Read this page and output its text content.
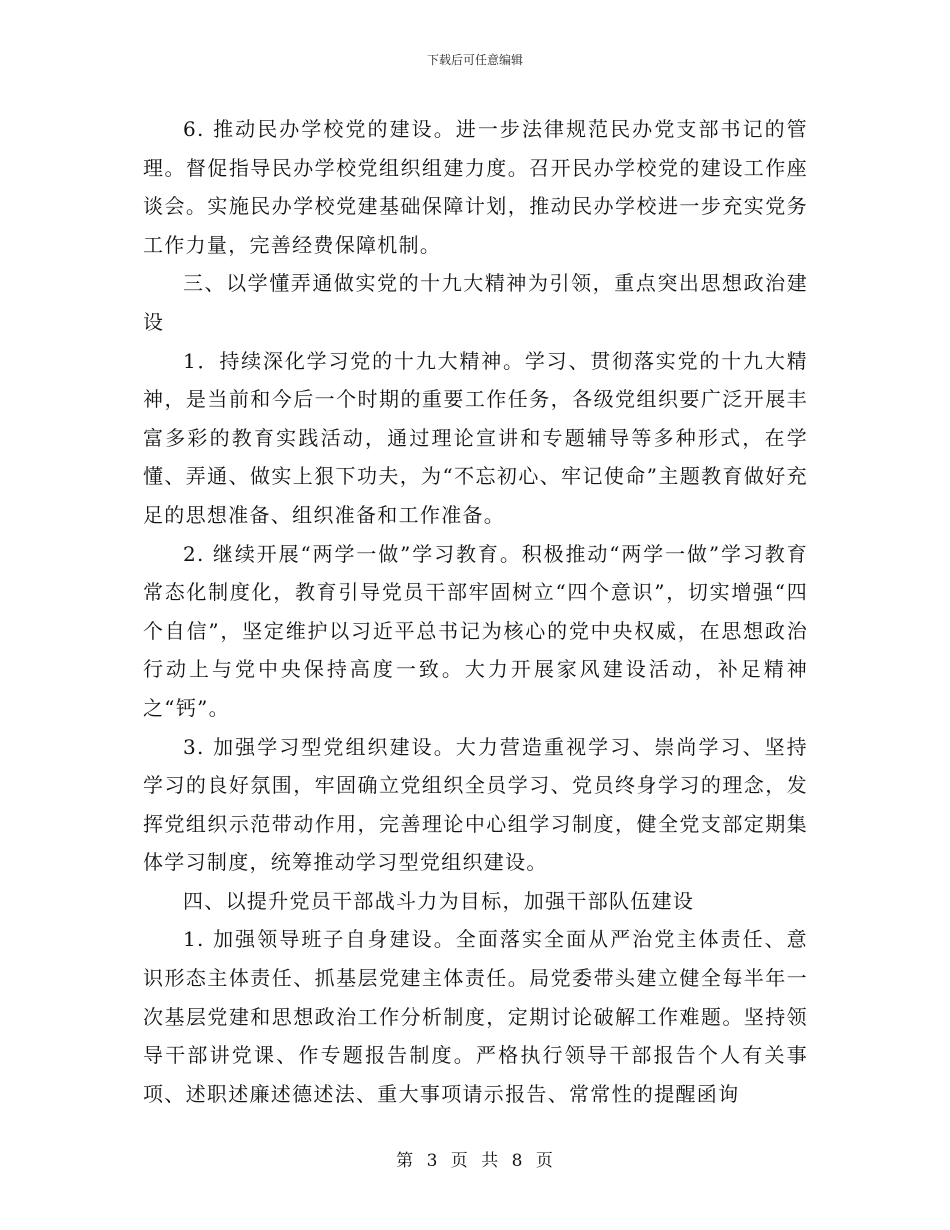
下载后可任意编辑

6. 推动民办学校党的建设。进一步法律规范民办党支部书记的管理。督促指导民办学校党组织组建力度。召开民办学校党的建设工作座谈会。实施民办学校党建基础保障计划，推动民办学校进一步充实党务工作力量，完善经费保障机制。

三、以学懂弄通做实党的十九大精神为引领，重点突出思想政治建设

1．持续深化学习党的十九大精神。学习、贯彻落实党的十九大精神，是当前和今后一个时期的重要工作任务，各级党组织要广泛开展丰富多彩的教育实践活动，通过理论宣讲和专题辅导等多种形式，在学懂、弄通、做实上狠下功夫，为“不忘初心、牢记使命”主题教育做好充足的思想准备、组织准备和工作准备。

2. 继续开展“两学一做”学习教育。积极推动“两学一做”学习教育常态化制度化，教育引导党员干部牢固树立“四个意识”，切实增强“四个自信”，坚定维护以习近平总书记为核心的党中央权威，在思想政治行动上与党中央保持高度一致。大力开展家风建设活动，补足精神之“钙”。

3. 加强学习型党组织建设。大力营造重视学习、崇尚学习、坚持学习的良好氛围，牢固确立党组织全员学习、党员终身学习的理念，发挥党组织示范带动作用，完善理论中心组学习制度，健全党支部定期集体学习制度，统筹推动学习型党组织建设。

四、以提升党员干部战斗力为目标，加强干部队伍建设

1. 加强领导班子自身建设。全面落实全面从严治党主体责任、意识形态主体责任、抓基层党建主体责任。局党委带头建立健全每半年一次基层党建和思想政治工作分析制度，定期讨论破解工作难题。坚持领导干部讲党课、作专题报告制度。严格执行领导干部报告个人有关事项、述职述廉述德述法、重大事项请示报告、常常性的提醒函询

第 3 页 共 8 页
